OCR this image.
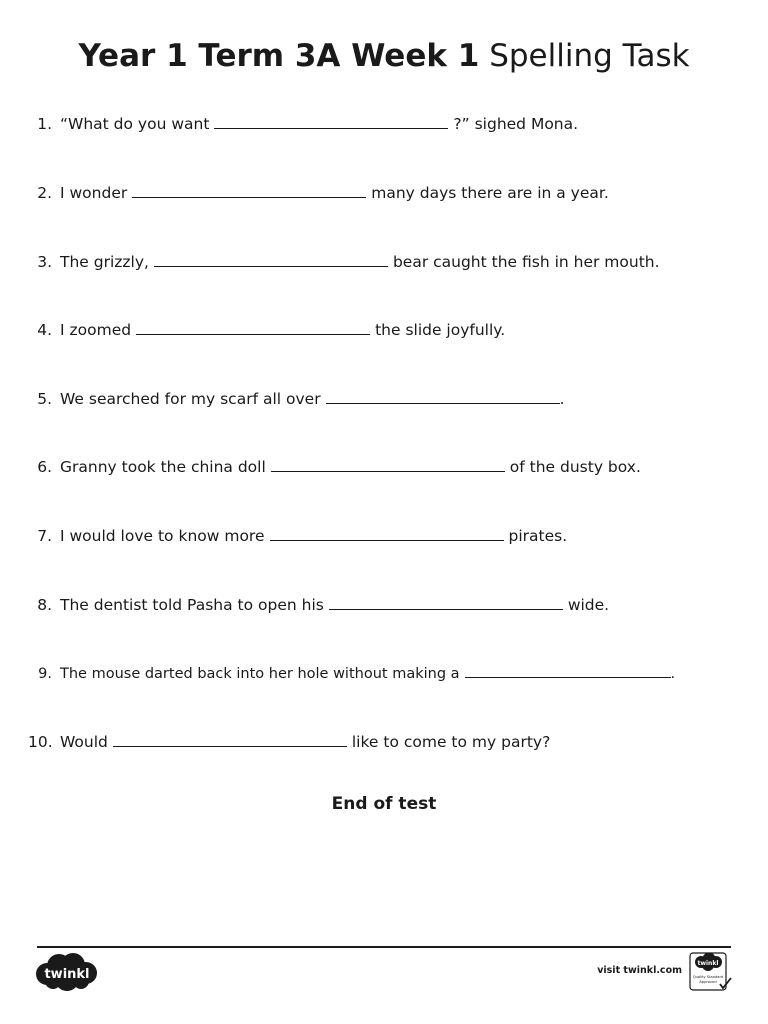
Year 1 Term 3A Week 1 Spelling Task
1. “What do you want	?” sighed Mona.
2. I wonder	many days there are in a year.
3. The grizzly,	bear caught the fish in her mouth.
4. I zoomed	the slide joyfully.
5. We searched for my scarf all over	.
6. Granny took the china doll	of the dusty box.
7. I would love to know more	pirates.
8. The dentist told Pasha to open his	wide.
9. The mouse darted back into her hole without making a	.
10. Would	like to come to my party?
End of test
twinkl	visit twinkl.com
twinkl
Quality Standard
Approved
